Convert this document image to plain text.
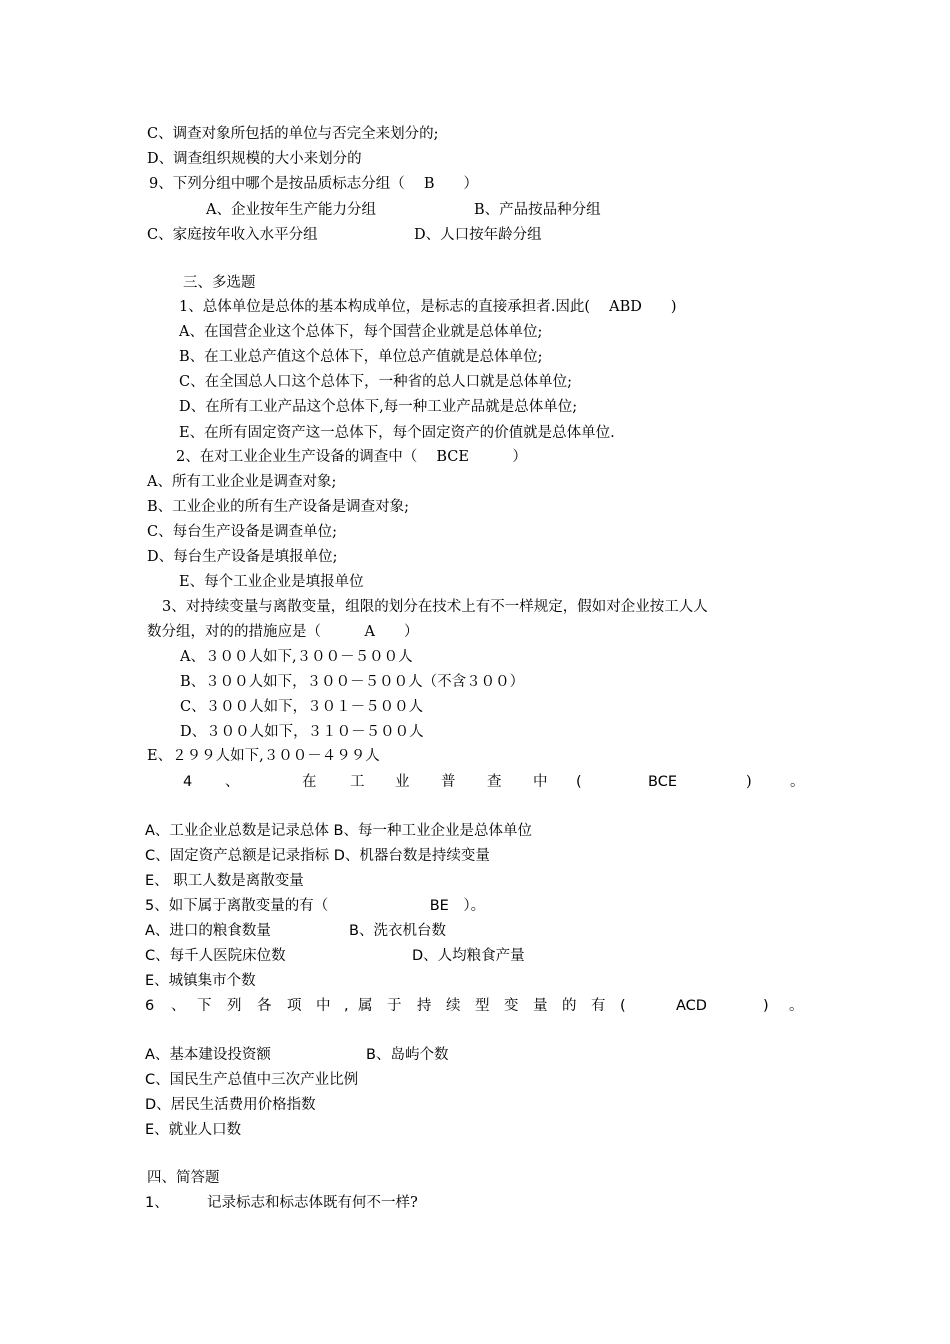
C、调查对象所包括的单位与否完全来划分的;
D、调查组织规模的大小来划分的
9、下列分组中哪个是按品质标志分组（　 B　　）
A、企业按年生产能力分组	B、产品按品种分组
C、家庭按年收入水平分组	D、人口按年龄分组
三、多选题
1、总体单位是总体的基本构成单位，是标志的直接承担者.因此(　 ABD　　)
A、在国营企业这个总体下，每个国营企业就是总体单位;
B、在工业总产值这个总体下，单位总产值就是总体单位;
C、在全国总人口这个总体下，一种省的总人口就是总体单位;
D、在所有工业产品这个总体下,每一种工业产品就是总体单位;
E、在所有固定资产这一总体下，每个固定资产的价值就是总体单位.
2、在对工业企业生产设备的调查中（　 BCE　　　）
A、所有工业企业是调查对象;
B、工业企业的所有生产设备是调查对象;
C、每台生产设备是调查单位;
D、每台生产设备是填报单位;
E、每个工业企业是填报单位
3、对持续变量与离散变量，组限的划分在技术上有不一样规定，假如对企业按工人人
数分组，对的的措施应是（　　　A　　）
A、３００人如下,３００－５００人
B、３００人如下，３００－５００人（不含３００）
C、３００人如下，３０１－５００人
D、３００人如下，３１０－５００人
E、２９９人如下,３００－４９９人
4 、	在 工 业 普 查 中 (	BCE	)	。
A、工业企业总数是记录总体 B、每一种工业企业是总体单位
C、固定资产总额是记录指标 D、机器台数是持续变量
E、 职工人数是离散变量
5、如下属于离散变量的有（　　　　　　　BE　）。
A、进口的粮食数量	B、洗衣机台数
C、每千人医院床位数	D、人均粮食产量
E、城镇集市个数
6 、 下 列 各 项 中 , 属 于 持 续 型 变 量 的 有 (	ACD	) 。
A、基本建设投资额	B、岛屿个数
C、国民生产总值中三次产业比例
D、居民生活费用价格指数
E、就业人口数
四、简答题
1、	记录标志和标志体既有何不一样?
